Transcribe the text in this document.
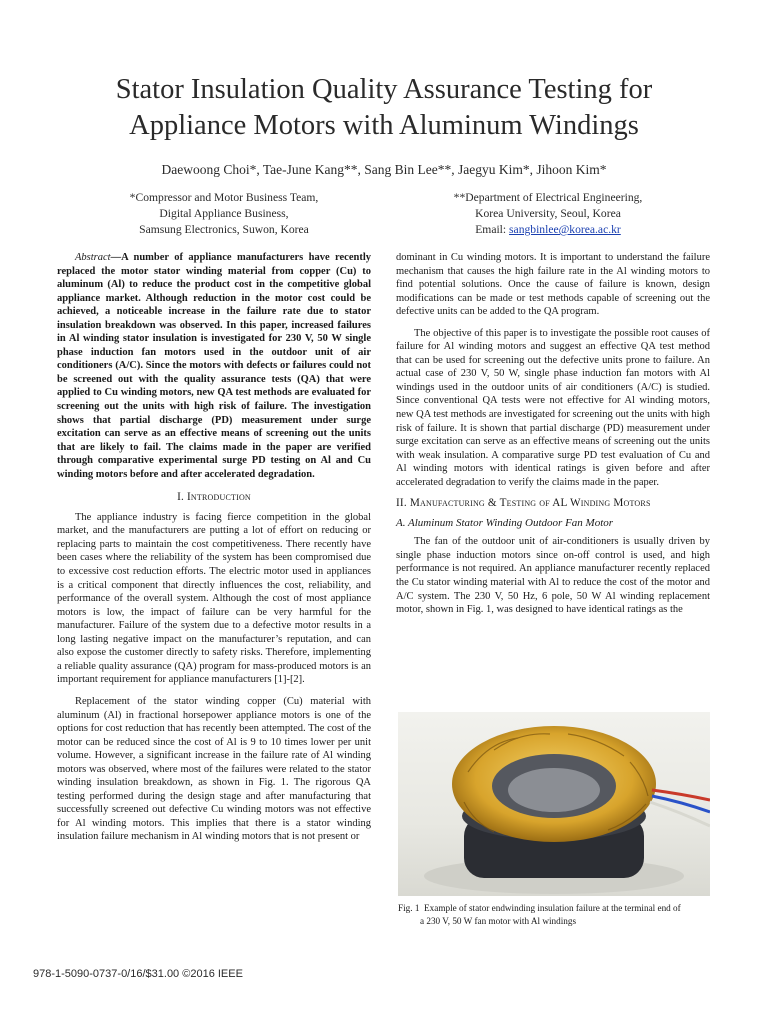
Stator Insulation Quality Assurance Testing for
Appliance Motors with Aluminum Windings
Daewoong Choi*, Tae-June Kang**, Sang Bin Lee**, Jaegyu Kim*, Jihoon Kim*
*Compressor and Motor Business Team,
Digital Appliance Business,
Samsung Electronics, Suwon, Korea
**Department of Electrical Engineering,
Korea University, Seoul, Korea
Email: sangbinlee@korea.ac.kr

Abstract—A number of appliance manufacturers have recently replaced the motor stator winding material from copper (Cu) to aluminum (Al) to reduce the product cost in the competitive global appliance market. Although reduction in the motor cost could be achieved, a noticeable increase in the failure rate due to stator insulation breakdown was observed. In this paper, increased failures in Al winding stator insulation is investigated for 230 V, 50 W single phase induction fan motors used in the outdoor unit of air conditioners (A/C). Since the motors with defects or failures could not be screened out with the quality assurance tests (QA) that were applied to Cu winding motors, new QA test methods are evaluated for screening out the units with high risk of failure. The investigation shows that partial discharge (PD) measurement under surge excitation can serve as an effective means of screening out the units that are likely to fail. The claims made in the paper are verified through comparative experimental surge PD testing on Al and Cu winding motors before and after accelerated degradation.

I. Introduction

The appliance industry is facing fierce competition in the global market, and the manufacturers are putting a lot of effort on reducing or replacing parts to maintain the cost competitiveness. There recently have been cases where the reliability of the system has been compromised due to excessive cost reduction efforts. The electric motor used in appliances is a critical component that directly influences the cost, reliability, and performance of the overall system. Although the cost of most appliance motors is low, the impact of failure can be very harmful for the manufacturer. Failure of the system due to a defective motor results in a long lasting negative impact on the manufacturer’s reputation, and can also expose the customer directly to safety risks. Therefore, implementing a reliable quality assurance (QA) program for mass-produced motors is an important requirement for appliance manufacturers [1]-[2].

Replacement of the stator winding copper (Cu) material with aluminum (Al) in fractional horsepower appliance motors is one of the options for cost reduction that has recently been attempted. The cost of the motor can be reduced since the cost of Al is 9 to 10 times lower per unit volume. However, a significant increase in the failure rate of Al winding motors was observed, where most of the failures were related to the stator winding insulation breakdown, as shown in Fig. 1. The rigorous QA testing performed during the design stage and after manufacturing that successfully screened out defective Cu winding motors was not effective for Al winding motors. This implies that there is a stator winding insulation failure mechanism in Al winding motors that is not present or

dominant in Cu winding motors. It is important to understand the failure mechanism that causes the high failure rate in the Al winding motors to find potential solutions. Once the cause of failure is known, design modifications can be made or test methods capable of screening out the defective units can be added to the QA program.

The objective of this paper is to investigate the possible root causes of failure for Al winding motors and suggest an effective QA test method that can be used for screening out the defective units prone to failure. An actual case of 230 V, 50 W, single phase induction fan motors with Al windings used in the outdoor units of air conditioners (A/C) is studied. Since conventional QA tests were not effective for Al winding motors, new QA test methods are investigated for screening out the units with high risk of failure. It is shown that partial discharge (PD) measurement under surge excitation can serve as an effective means of screening out the units with weak insulation. A comparative surge PD test evaluation of Cu and Al winding motors with identical ratings is given before and after accelerated degradation to verify the claims made in the paper.

II. Manufacturing & Testing of AL Winding Motors
A. Aluminum Stator Winding Outdoor Fan Motor

The fan of the outdoor unit of air-conditioners is usually driven by single phase induction motors since on-off control is used, and high performance is not required. An appliance manufacturer recently replaced the Cu stator winding material with Al to reduce the cost of the motor and A/C system. The 230 V, 50 Hz, 6 pole, 50 W Al winding replacement motor, shown in Fig. 1, was designed to have identical ratings as the

Fig. 1 Example of stator endwinding insulation failure at the terminal end of
a 230 V, 50 W fan motor with Al windings
978-1-5090-0737-0/16/$31.00 ©2016 IEEE
